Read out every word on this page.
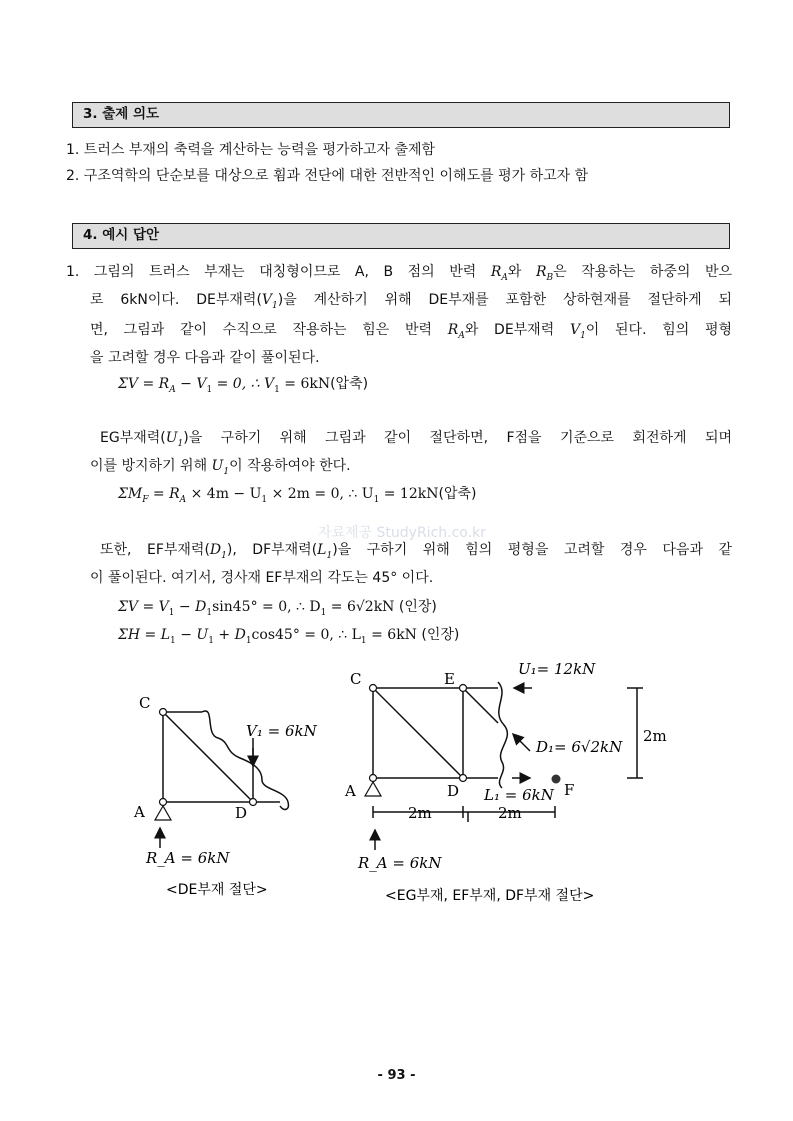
3. 출제 의도
1. 트러스 부재의 축력을 계산하는 능력을 평가하고자 출제함
2. 구조역학의 단순보를 대상으로 휨과 전단에 대한 전반적인 이해도를 평가 하고자 함
4. 예시 답안
1. 그림의 트러스 부재는 대칭형이므로 A, B 점의 반력 $R_A$와 $R_B$은 작용하는 하중의 반으
로 6kN이다. DE부재력$(V_1)$을 계산하기 위해 DE부재를 포함한 상하현재를 절단하게 되
면, 그림과 같이 수직으로 작용하는 힘은 반력 $R_A$와 DE부재력 $V_1$이 된다. 힘의 평형
을 고려할 경우 다음과 같이 풀이된다.
$\Sigma V = R_A - V_1 = 0$, ∴ $V_1 = 6kN$(압축)
EG부재력$(U_1)$을 구하기 위해 그림과 같이 절단하면, F점을 기준으로 회전하게 되며
이를 방지하기 위해 $U_1$이 작용하여야 한다.
$\Sigma M_F = R_A \times 4m - U_1 \times 2m = 0$, ∴ $U_1 = 12kN$(압축)
또한, EF부재력$(D_1)$, DF부재력$(L_1)$을 구하기 위해 힘의 평형을 고려할 경우 다음과 같
이 풀이된다. 여기서, 경사재 EF부재의 각도는 45° 이다.
$\Sigma V = V_1 - D_1\sin 45^\circ = 0$, ∴ $D_1 = 6√2kN$ (인장)
$\Sigma H = L_1 - U_1 + D_1\cos 45^\circ = 0$, ∴ $L_1 = 6kN$ (인장)
자료제공 StudyRich.co.kr
C
A	D
V₁ = 6kN
R_A = 6kN
<DE부재 절단>
C	E
A	D	F
U₁= 12kN
D₁= 6√2kN
L₁ = 6kN
2m
2m	2m
R_A = 6kN
<EG부재, EF부재, DF부재 절단>
- 93 -
